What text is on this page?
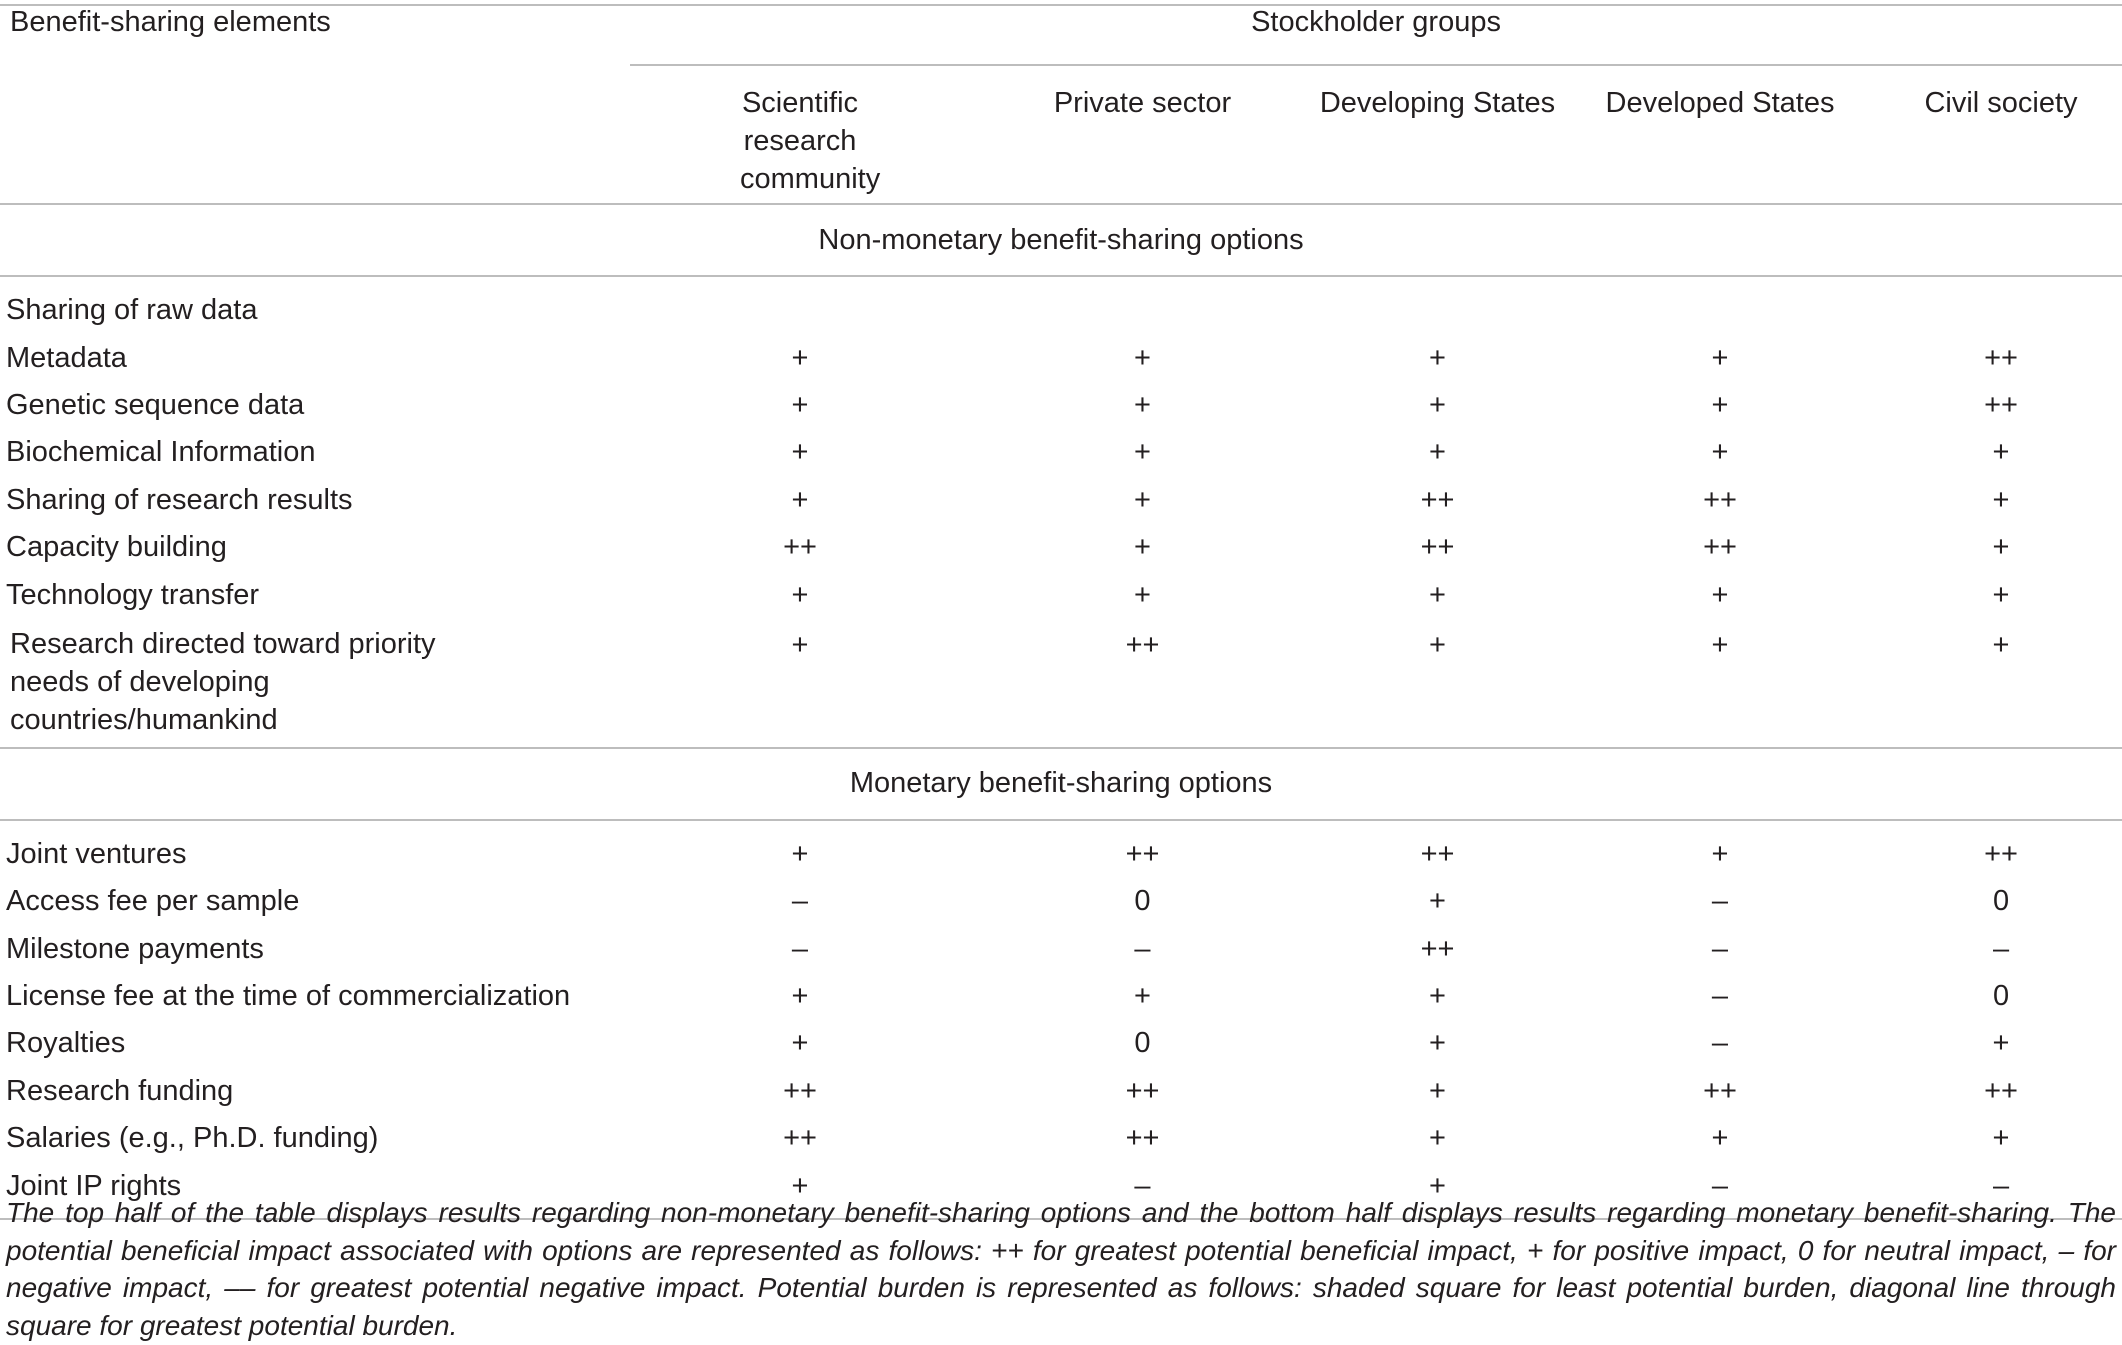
Benefit-sharing elements	Stockholder groups				

	Scientific research community	Private sector	Developing States	Developed States	Civil society
Non-monetary benefit-sharing options					
Sharing of raw data					
Metadata	+	+	+	+	++
Genetic sequence data	+	+	+	+	++
Biochemical Information	+	+	+	+	+
Sharing of research results	+	+	++	++	+
Capacity building	++	+	++	++	+
Technology transfer	+	+	+	+	+
Research directed toward priority needs of developing countries/humankind	+	++	+	+	+
Monetary benefit-sharing options					
Joint ventures	+	++	++	+	++
Access fee per sample	–	0	+	–	0
Milestone payments	–	–	++	–	–
License fee at the time of commercialization	+	+	+	–	0
Royalties	+	0	+	–	+
Research funding	++	++	+	++	++
Salaries (e.g., Ph.D. funding)	++	++	+	+	+
Joint IP rights	+	–	+	–	–
The top half of the table displays results regarding non-monetary benefit-sharing options and the bottom half displays results regarding monetary benefit-sharing. The potential beneficial impact associated with options are represented as follows: ++ for greatest potential beneficial impact, + for positive impact, 0 for neutral impact, – for negative impact, –– for greatest potential negative impact. Potential burden is represented as follows: shaded square for least potential burden, diagonal line through square for greatest potential burden.
